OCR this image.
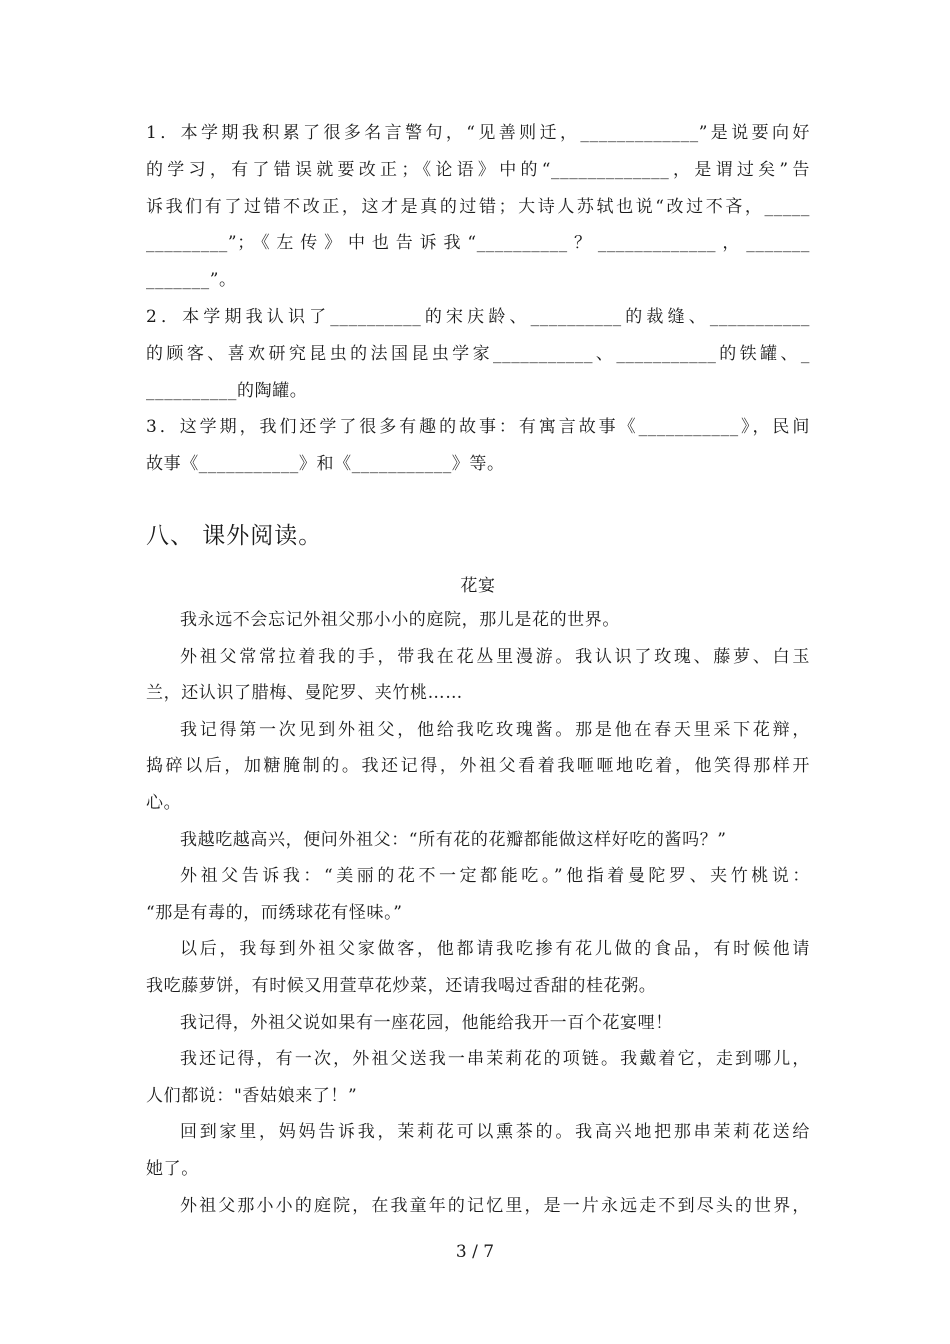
1．本学期我积累了很多名言警句，“见善则迁，_____________”是说要向好

的学习，有了错误就要改正；《论语》中的“_____________，是谓过矣”告

诉我们有了过错不改正，这才是真的过错；大诗人苏轼也说“改过不吝，_____

_________”；《左传》中也告诉我“__________？_____________，_______

_______”。

2．本学期我认识了__________的宋庆龄、__________的裁缝、___________

的顾客、喜欢研究昆虫的法国昆虫学家___________、___________的铁罐、_

__________的陶罐。

3．这学期，我们还学了很多有趣的故事：有寓言故事《___________》，民间

故事《___________》和《___________》等。

八、 课外阅读。
花宴

我永远不会忘记外祖父那小小的庭院，那儿是花的世界。

外祖父常常拉着我的手，带我在花丛里漫游。我认识了玫瑰、藤萝、白玉

兰，还认识了腊梅、曼陀罗、夹竹桃……

我记得第一次见到外祖父，他给我吃玫瑰酱。那是他在春天里采下花辩，

捣碎以后，加糖腌制的。我还记得，外祖父看着我咂咂地吃着，他笑得那样开

心。

我越吃越高兴，便问外祖父：“所有花的花瓣都能做这样好吃的酱吗？”

外祖父告诉我：“美丽的花不一定都能吃。”他指着曼陀罗、夹竹桃说：

“那是有毒的，而绣球花有怪味。”

以后，我每到外祖父家做客，他都请我吃掺有花儿做的食品，有时候他请

我吃藤萝饼，有时候又用萱草花炒菜，还请我喝过香甜的桂花粥。

我记得，外祖父说如果有一座花园，他能给我开一百个花宴哩！

我还记得，有一次，外祖父送我一串茉莉花的项链。我戴着它，走到哪儿，

人们都说："香姑娘来了！”

回到家里，妈妈告诉我，茉莉花可以熏茶的。我高兴地把那串茉莉花送给

她了。

外祖父那小小的庭院，在我童年的记忆里，是一片永远走不到尽头的世界，

3 / 7
